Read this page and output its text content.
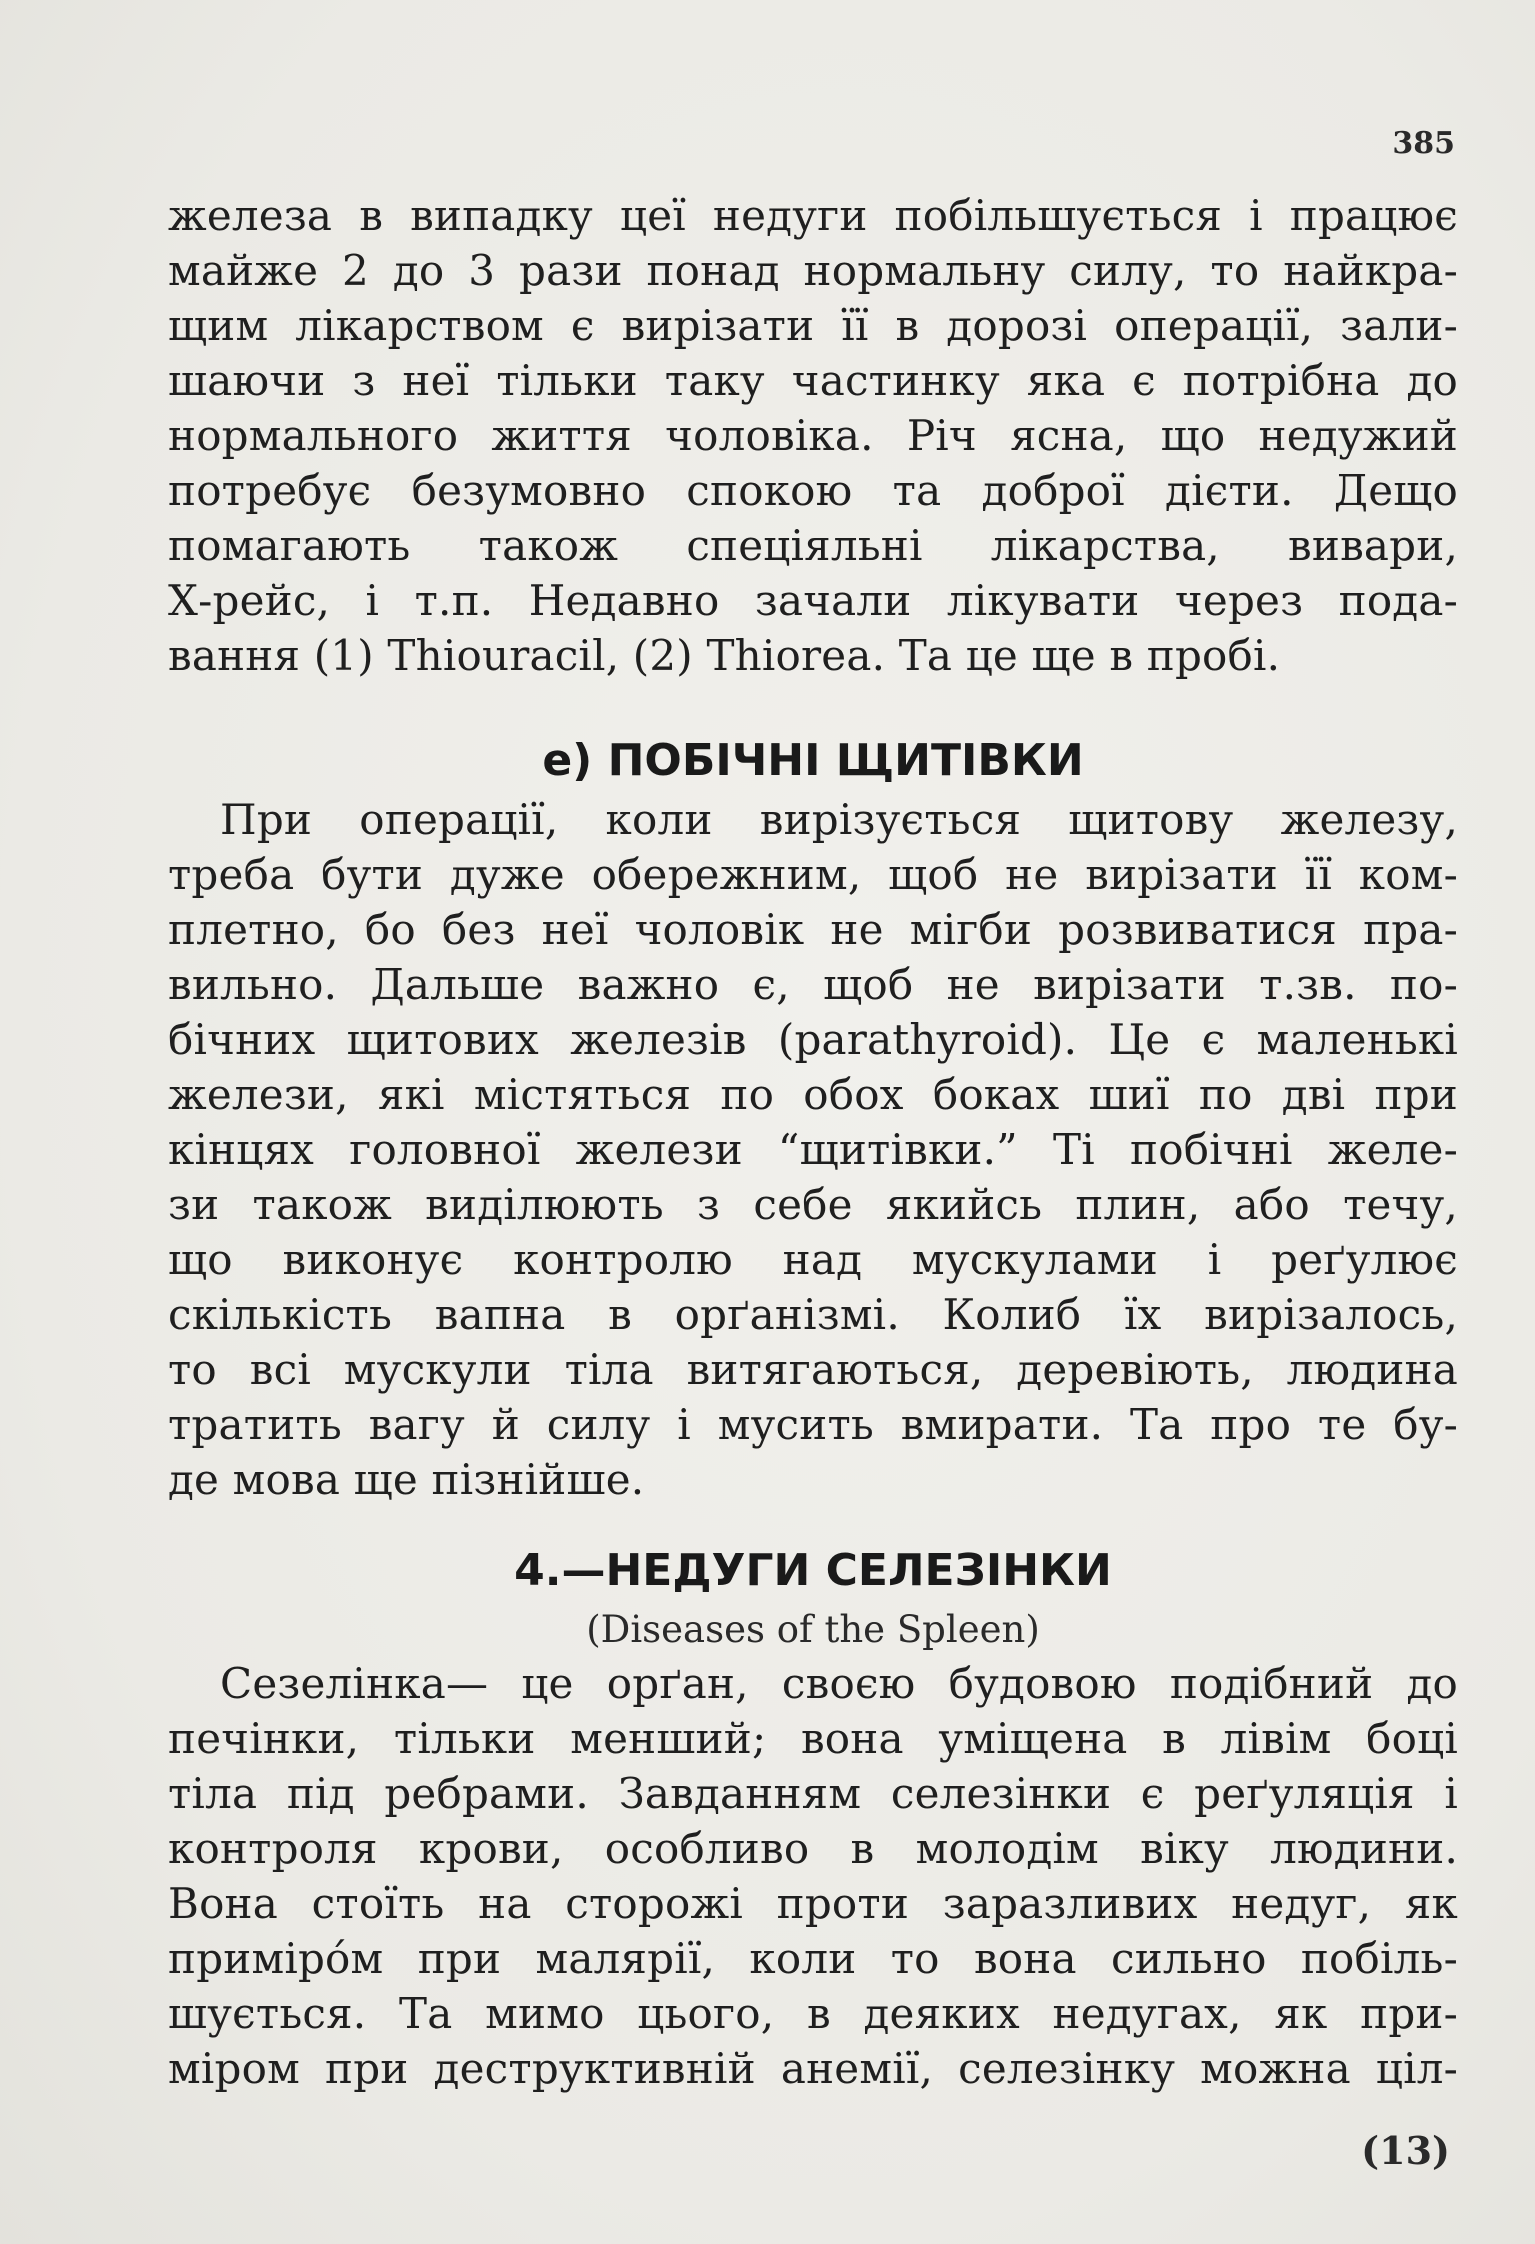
385
железа в випадку цеї недуги побільшується і працює
майже 2 до 3 рази понад нормальну силу, то найкра-
щим лікарством є вирізати її в дорозі операції, зали-
шаючи з неї тільки таку частинку яка є потрібна до
нормального життя чоловіка. Річ ясна, що недужий
потребує безумовно спокою та доброї дієти. Дещо
помагають також спеціяльні лікарства, вивари,
Х-рейс, і т.п. Недавно зачали лікувати через пода-
вання (1) Thiouracil, (2) Thiorea. Та це ще в пробі.
е) ПОБІЧНІ ЩИТІВКИ
При операції, коли вирізується щитову железу,
треба бути дуже обережним, щоб не вирізати її ком-
плетно, бо без неї чоловік не мігби розвиватися пра-
вильно. Дальше важно є, щоб не вирізати т.зв. по-
бічних щитових железів (parathyroid). Це є маленькі
желези, які містяться по обох боках шиї по дві при
кінцях головної желези “щитівки.” Ті побічні желе-
зи також виділюють з себе якийсь плин, або течу,
що виконує контролю над мускулами і реґулює
скількість вапна в орґанізмі. Колиб їх вирізалось,
то всі мускули тіла витягаються, деревіють, людина
тратить вагу й силу і мусить вмирати. Та про те бу-
де мова ще пізнійше.
4.—НЕДУГИ СЕЛЕЗІНКИ
(Diseases of the Spleen)
Сезелінка— це орґан, своєю будовою подібний до
печінки, тільки менший; вона уміщена в лівім боці
тіла під ребрами. Завданням селезінки є реґуляція і
контроля крови, особливо в молодім віку людини.
Вона стоїть на сторожі проти заразливих недуг, як
примірóм при малярії, коли то вона сильно побіль-
шується. Та мимо цього, в деяких недугах, як при-
міром при деструктивній анемії, селезінку можна цiл-
(13)
